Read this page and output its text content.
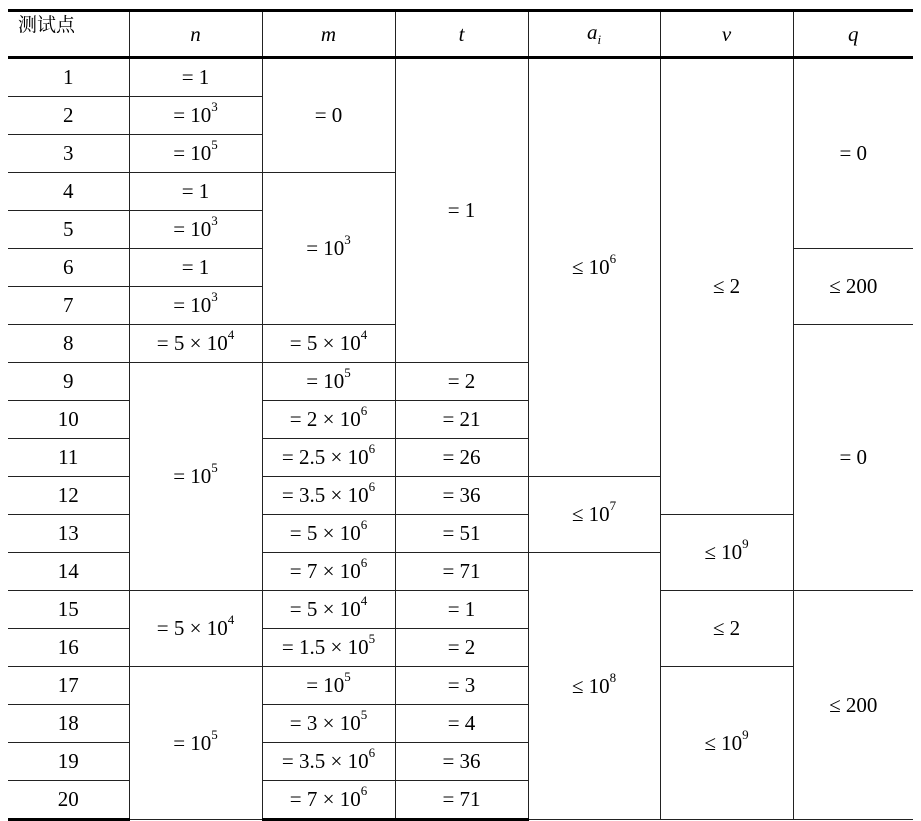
测试点	n	m	t	$a_i$	v	q
1	= 1	= 0	= 1	≤ $10^6$	≤ 2	= 0
2	= $10^3$
3	= $10^5$
4	= 1	= $10^3$
5	= $10^3$
6	= 1					≤ 200
7	= $10^3$
8	= $5 \times 10^4$	= $5 \times 10^4$				= 0
9	= $10^5$	= $10^5$	= 2			
10		= $2 \times 10^6$	= 21			
11		= $2.5 \times 10^6$	= 26			
12		= $3.5 \times 10^6$	= 36	≤ $10^7$
13		= $5 \times 10^6$	= 51		≤ $10^9$
14		= $7 \times 10^6$	= 71	≤ $10^8$
15	= $5 \times 10^4$	= $5 \times 10^4$	= 1		≤ 2	≤ 200
16		= $1.5 \times 10^5$	= 2			
17	= $10^5$	= $10^5$	= 3		≤ $10^9$
18		= $3 \times 10^5$	= 4			
19		= $3.5 \times 10^6$	= 36			
20		= $7 \times 10^6$	= 71			
